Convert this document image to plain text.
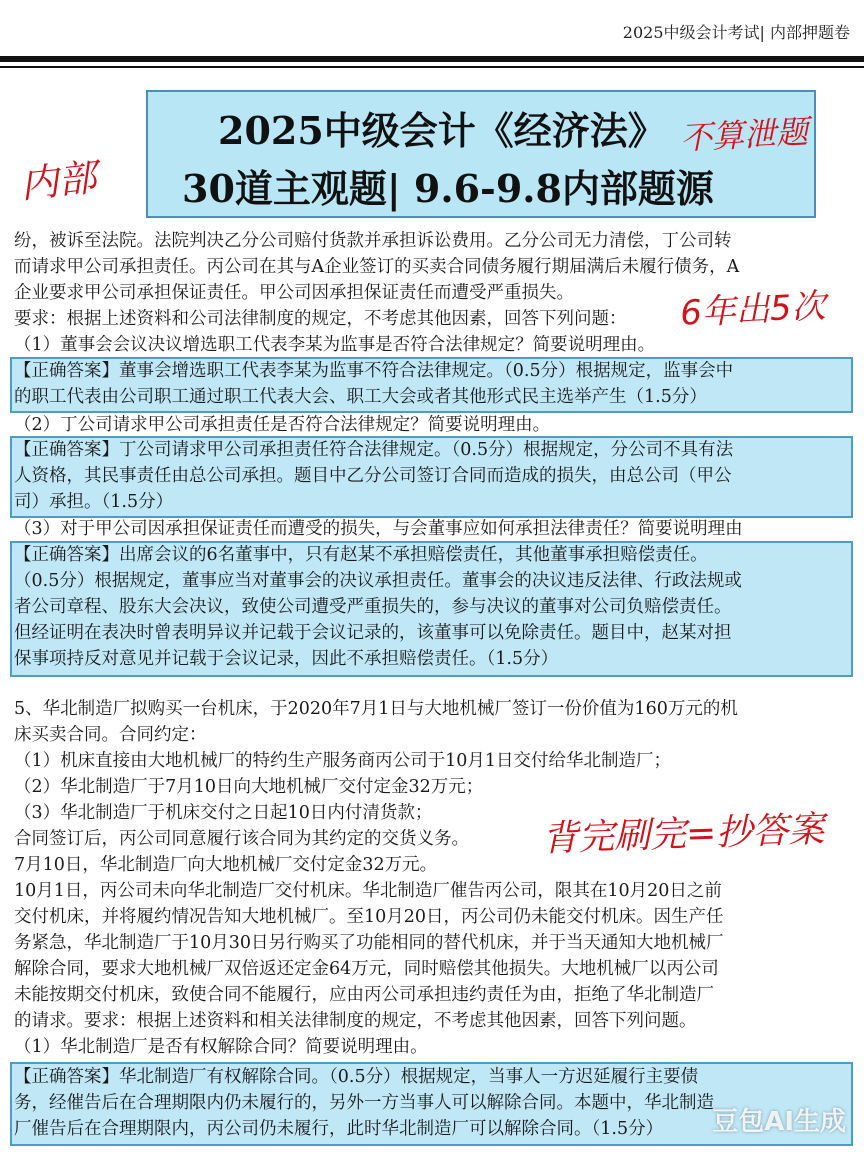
2025中级会计考试| 内部押题卷
2025中级会计《经济法》
30道主观题| 9.6-9.8内部题源
内部
不算泄题
6年出5次
背完刷完=抄答案
纷，被诉至法院。法院判决乙分公司赔付货款并承担诉讼费用。乙分公司无力清偿，丁公司转
而请求甲公司承担责任。丙公司在其与A企业签订的买卖合同债务履行期届满后未履行债务，A
企业要求甲公司承担保证责任。甲公司因承担保证责任而遭受严重损失。
要求：根据上述资料和公司法律制度的规定，不考虑其他因素，回答下列问题：
（1）董事会会议决议增选职工代表李某为监事是否符合法律规定？简要说明理由。
【正确答案】董事会增选职工代表李某为监事不符合法律规定。（0.5分）根据规定，监事会中
的职工代表由公司职工通过职工代表大会、职工大会或者其他形式民主选举产生（1.5分）
（2）丁公司请求甲公司承担责任是否符合法律规定？简要说明理由。
【正确答案】丁公司请求甲公司承担责任符合法律规定。（0.5分）根据规定，分公司不具有法
人资格，其民事责任由总公司承担。题目中乙分公司签订合同而造成的损失，由总公司（甲公
司）承担。（1.5分）
（3）对于甲公司因承担保证责任而遭受的损失，与会董事应如何承担法律责任？简要说明理由
【正确答案】出席会议的6名董事中，只有赵某不承担赔偿责任，其他董事承担赔偿责任。
（0.5分）根据规定，董事应当对董事会的决议承担责任。董事会的决议违反法律、行政法规或
者公司章程、股东大会决议，致使公司遭受严重损失的，参与决议的董事对公司负赔偿责任。
但经证明在表决时曾表明异议并记载于会议记录的，该董事可以免除责任。题目中，赵某对担
保事项持反对意见并记载于会议记录，因此不承担赔偿责任。（1.5分）
5、华北制造厂拟购买一台机床，于2020年7月1日与大地机械厂签订一份价值为160万元的机
床买卖合同。合同约定：
（1）机床直接由大地机械厂的特约生产服务商丙公司于10月1日交付给华北制造厂；
（2）华北制造厂于7月10日向大地机械厂交付定金32万元；
（3）华北制造厂于机床交付之日起10日内付清货款；
合同签订后，丙公司同意履行该合同为其约定的交货义务。
7月10日，华北制造厂向大地机械厂交付定金32万元。
10月1日，丙公司未向华北制造厂交付机床。华北制造厂催告丙公司，限其在10月20日之前
交付机床，并将履约情况告知大地机械厂。至10月20日，丙公司仍未能交付机床。因生产任
务紧急，华北制造厂于10月30日另行购买了功能相同的替代机床，并于当天通知大地机械厂
解除合同，要求大地机械厂双倍返还定金64万元，同时赔偿其他损失。大地机械厂以丙公司
未能按期交付机床，致使合同不能履行，应由丙公司承担违约责任为由，拒绝了华北制造厂
的请求。要求：根据上述资料和相关法律制度的规定，不考虑其他因素，回答下列问题。
（1）华北制造厂是否有权解除合同？简要说明理由。
【正确答案】华北制造厂有权解除合同。（0.5分）根据规定，当事人一方迟延履行主要债
务，经催告后在合理期限内仍未履行的，另外一方当事人可以解除合同。本题中，华北制造
厂催告后在合理期限内，丙公司仍未履行，此时华北制造厂可以解除合同。（1.5分）	豆包AI生成
